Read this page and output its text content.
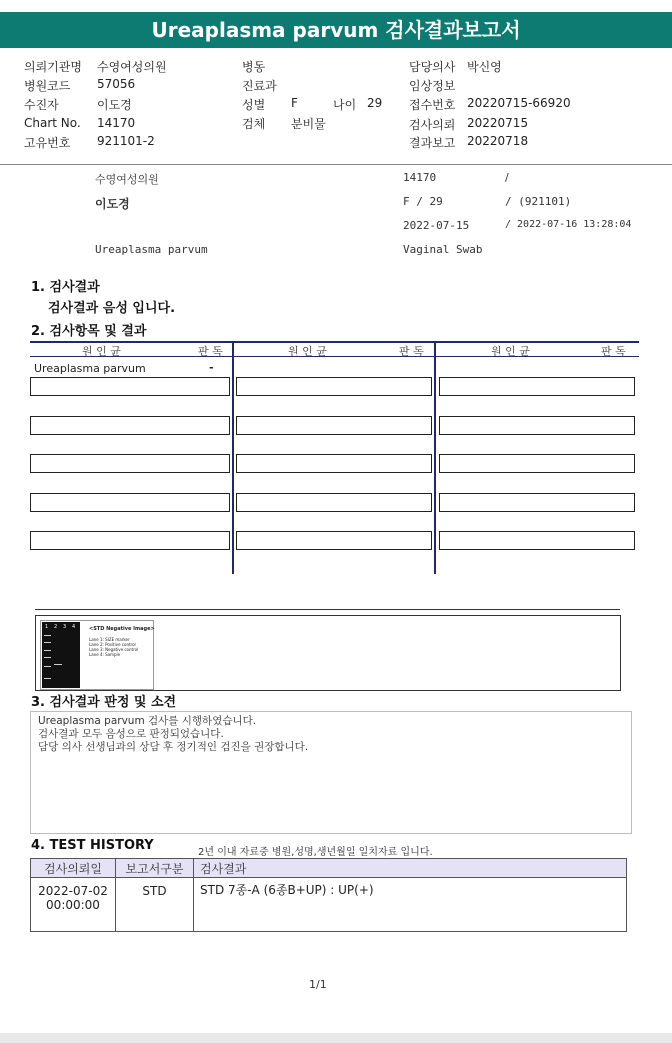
Ureaplasma parvum 검사결과보고서
의뢰기관명 수영여성의원	병동	담당의사 박신영
병원코드 57056	진료과	임상정보
수진자	이도경	성별 F	나이 29 접수번호 20220715-66920
Chart No. 14170	검체 분비물	검사의뢰 20220715
고유번호 921101-2	결과보고 20220718
수영여성의원	14170	/
이도경	F / 29	/ (921101)
2022-07-15	/ 2022-07-16 13:28:04
Ureaplasma parvum	Vaginal Swab
1. 검사결과
검사결과 음성 입니다.
2. 검사항목 및 결과
원 인 균	판 독	원 인 균	판 독	원 인 균	판 독
Ureaplasma parvum	-
1 2 3 4	<STD Negative Image>
Lane 1: SIZE marker
Lane 2: Positive control
Lane 3: Negative control
Lane 4: Sample
3. 검사결과 판정 및 소견
Ureaplasma parvum 검사를 시행하였습니다.
검사결과 모두 음성으로 판정되었습니다.
담당 의사 선생님과의 상담 후 정기적인 검진을 권장합니다.
4. TEST HISTORY	2년 이내 자료중 병원,성명,생년월일 일치자료 입니다.
검사의뢰일	보고서구분	검사결과

2022-07-02
00:00:00	STD	STD 7종-A (6종B+UP) : UP(+)
1/1
